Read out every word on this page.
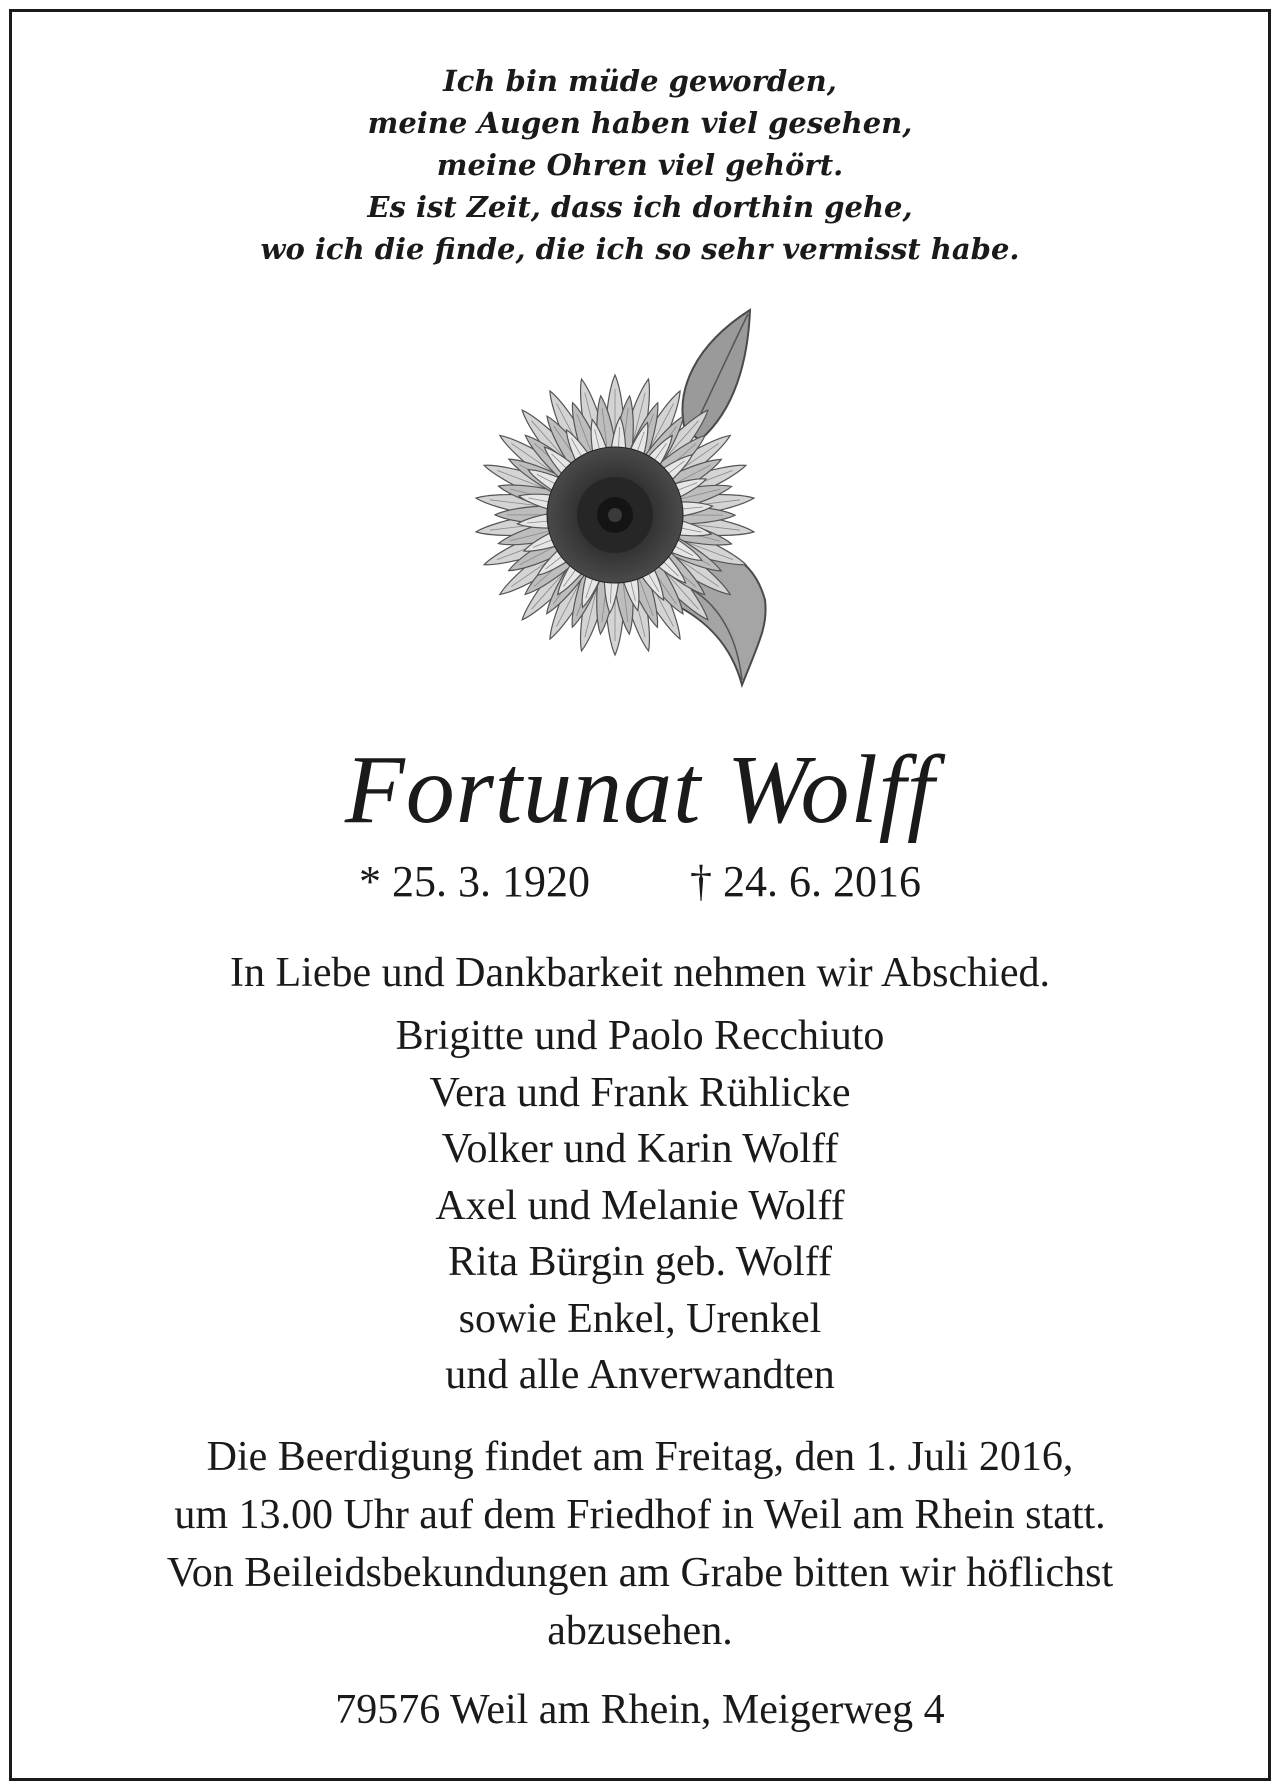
Ich bin müde geworden,
meine Augen haben viel gesehen,
meine Ohren viel gehört.
Es ist Zeit, dass ich dorthin gehe,
wo ich die finde, die ich so sehr vermisst habe.
Fortunat Wolff
* 25. 3. 1920 † 24. 6. 2016
In Liebe und Dankbarkeit nehmen wir Abschied.
Brigitte und Paolo Recchiuto
Vera und Frank Rühlicke
Volker und Karin Wolff
Axel und Melanie Wolff
Rita Bürgin geb. Wolff
sowie Enkel, Urenkel
und alle Anverwandten
Die Beerdigung findet am Freitag, den 1. Juli 2016,
um 13.00 Uhr auf dem Friedhof in Weil am Rhein statt.
Von Beileidsbekundungen am Grabe bitten wir höflichst
abzusehen.
79576 Weil am Rhein, Meigerweg 4
